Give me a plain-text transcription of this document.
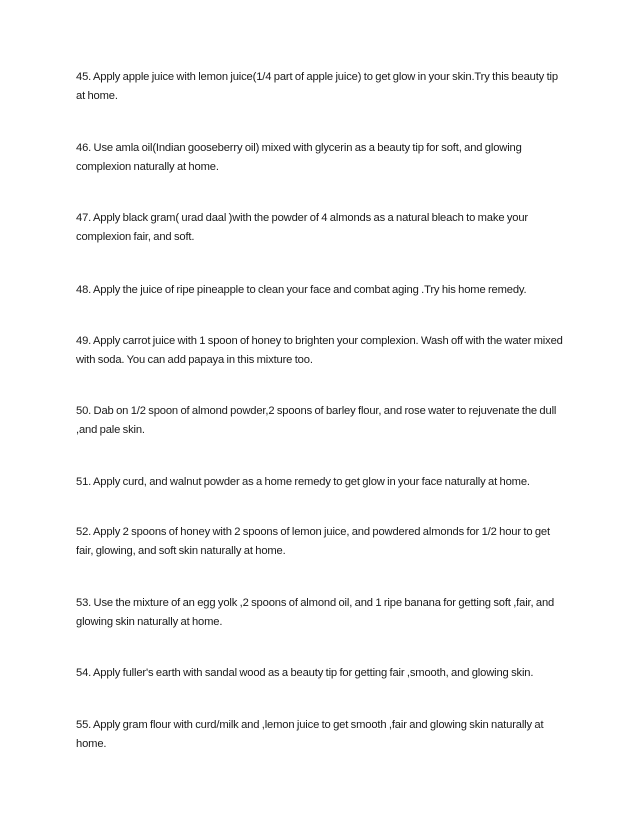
45. Apply apple juice with lemon juice(1/4 part of apple juice) to get glow in your skin.Try this beauty tip at home.

46. Use amla oil(Indian gooseberry oil) mixed with glycerin as a beauty tip for soft, and glowing complexion naturally at home.

47. Apply black gram( urad daal )with the powder of 4 almonds as a natural bleach to make your complexion fair, and soft.

48. Apply the juice of ripe pineapple to clean your face and combat aging .Try his home remedy.

49. Apply carrot juice with 1 spoon of honey to brighten your complexion. Wash off with the water mixed with soda. You can add papaya in this mixture too.

50. Dab on 1/2 spoon of almond powder,2 spoons of barley flour, and rose water to rejuvenate the dull ,and pale skin.

51. Apply curd, and walnut powder as a home remedy to get glow in your face naturally at home.

52. Apply 2 spoons of honey with 2 spoons of lemon juice, and powdered almonds for 1/2 hour to get fair, glowing, and soft skin naturally at home.

53. Use the mixture of an egg yolk ,2 spoons of almond oil, and 1 ripe banana for getting soft ,fair, and glowing skin naturally at home.

54. Apply fuller's earth with sandal wood as a beauty tip for getting fair ,smooth, and glowing skin.

55. Apply gram flour with curd/milk and ,lemon juice to get smooth ,fair and glowing skin naturally at home.
